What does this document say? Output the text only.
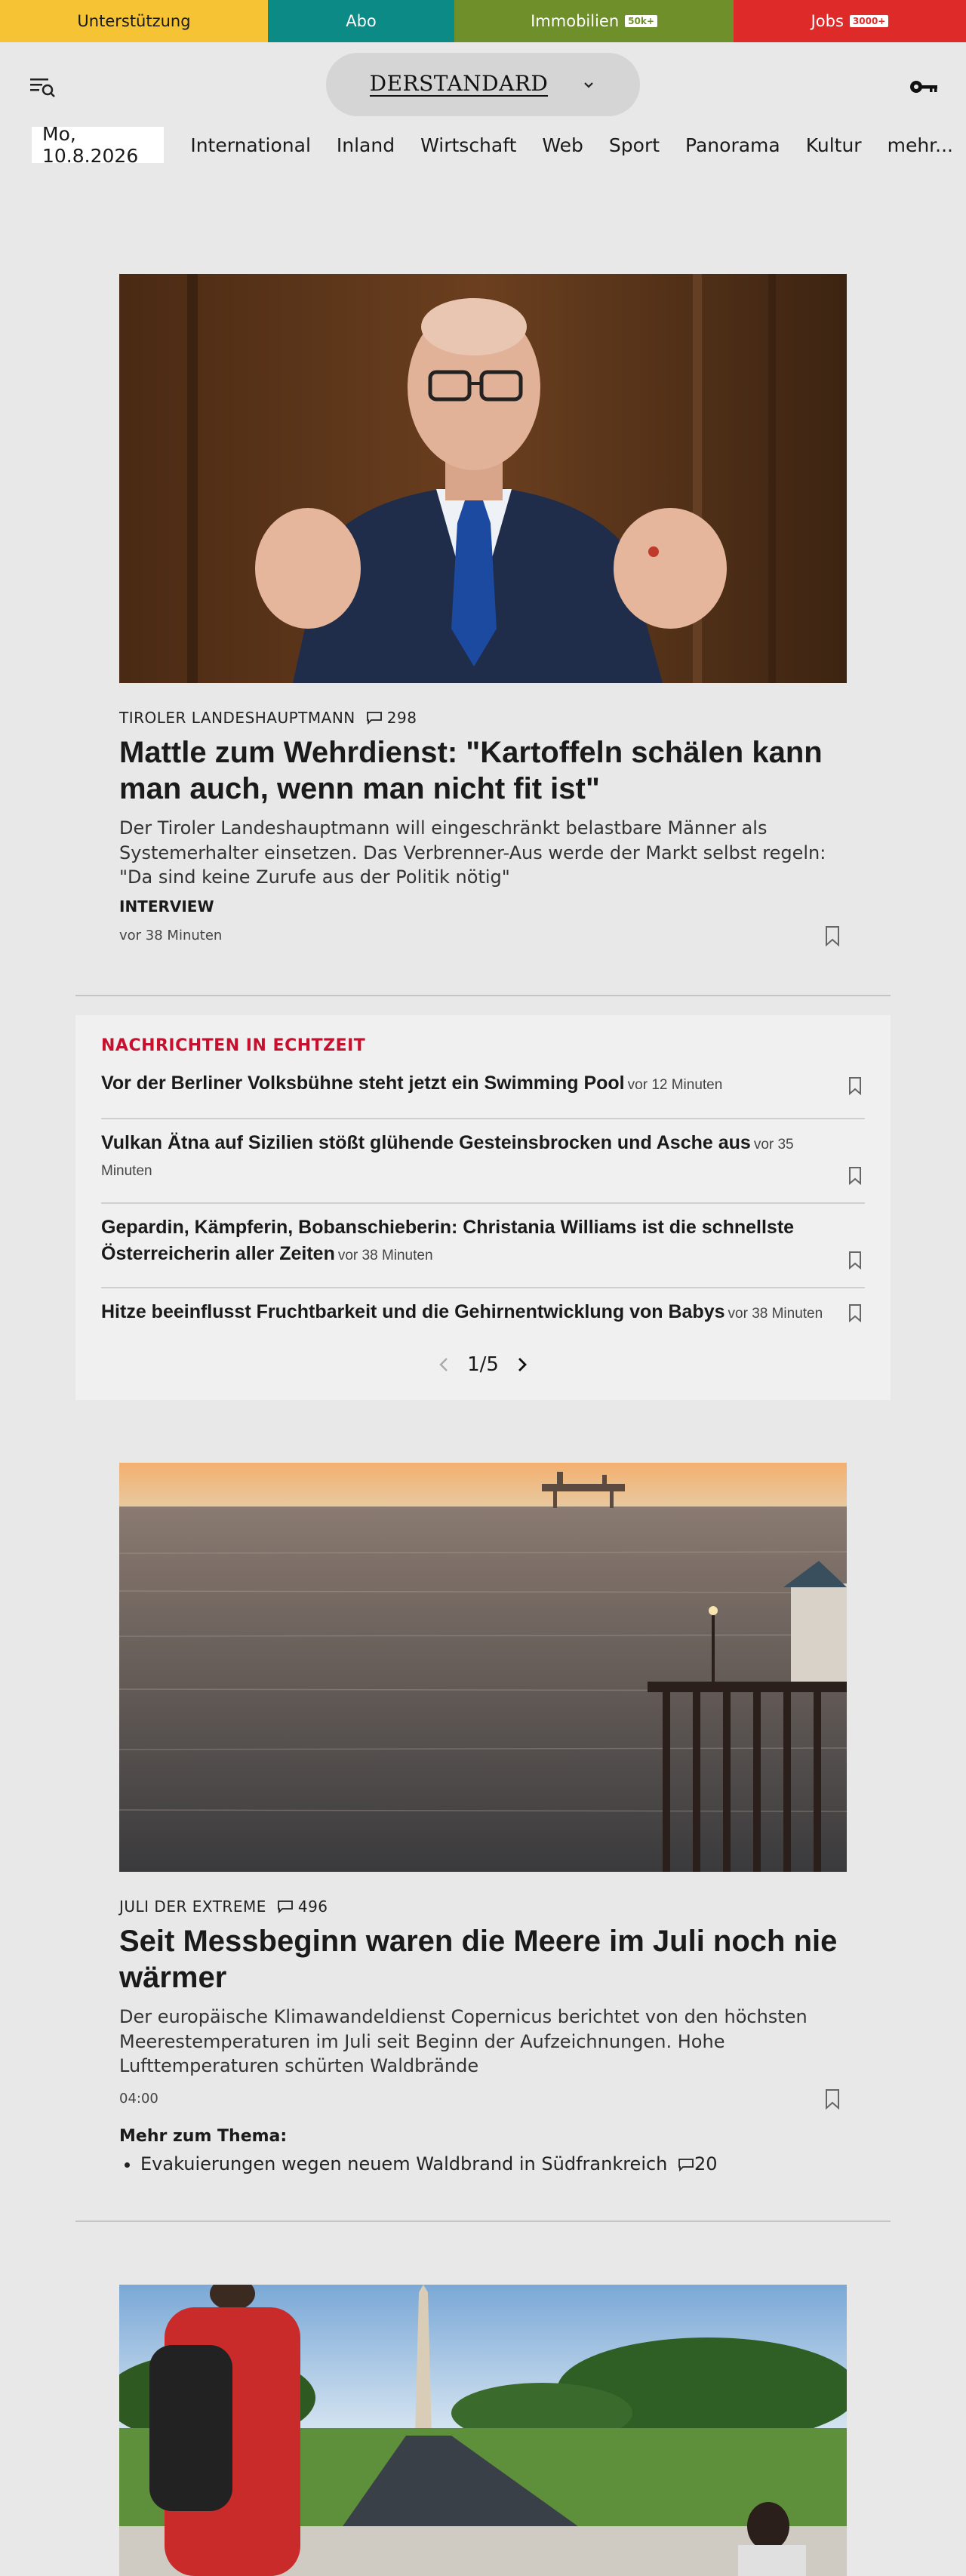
Unterstützung	Abo	Immobilien	50k+	Jobs	3000+
DERSTANDARD
Mo, 10.8.2026	International	Inland	Wirtschaft	Web	Sport	Panorama	Kultur	mehr...
TIROLER LANDESHAUPTMANN 298
Mattle zum Wehrdienst: "Kartoffeln schälen kann man auch, wenn man nicht fit ist"
Der Tiroler Landeshauptmann will eingeschränkt belastbare Männer als Systemerhalter einsetzen. Das Verbrenner-Aus werde der Markt selbst regeln: "Da sind keine Zurufe aus der Politik nötig"
INTERVIEW
vor 38 Minuten
NACHRICHTEN IN ECHTZEIT
Vor der Berliner Volksbühne steht jetzt ein Swimming Pool vor 12 Minuten
Vulkan Ätna auf Sizilien stößt glühende Gesteinsbrocken und Asche aus vor 35 Minuten
Gepardin, Kämpferin, Bobanschieberin: Christania Williams ist die schnellste Österreicherin aller Zeiten vor 38 Minuten
Hitze beeinflusst Fruchtbarkeit und die Gehirnentwicklung von Babys vor 38 Minuten
1/5
JULI DER EXTREME 496
Seit Messbeginn waren die Meere im Juli noch nie wärmer
Der europäische Klimawandeldienst Copernicus berichtet von den höchsten Meerestemperaturen im Juli seit Beginn der Aufzeichnungen. Hohe Lufttemperaturen schürten Waldbrände
04:00
Mehr zum Thema:
• Evakuierungen wegen neuem Waldbrand in Südfrankreich 20
